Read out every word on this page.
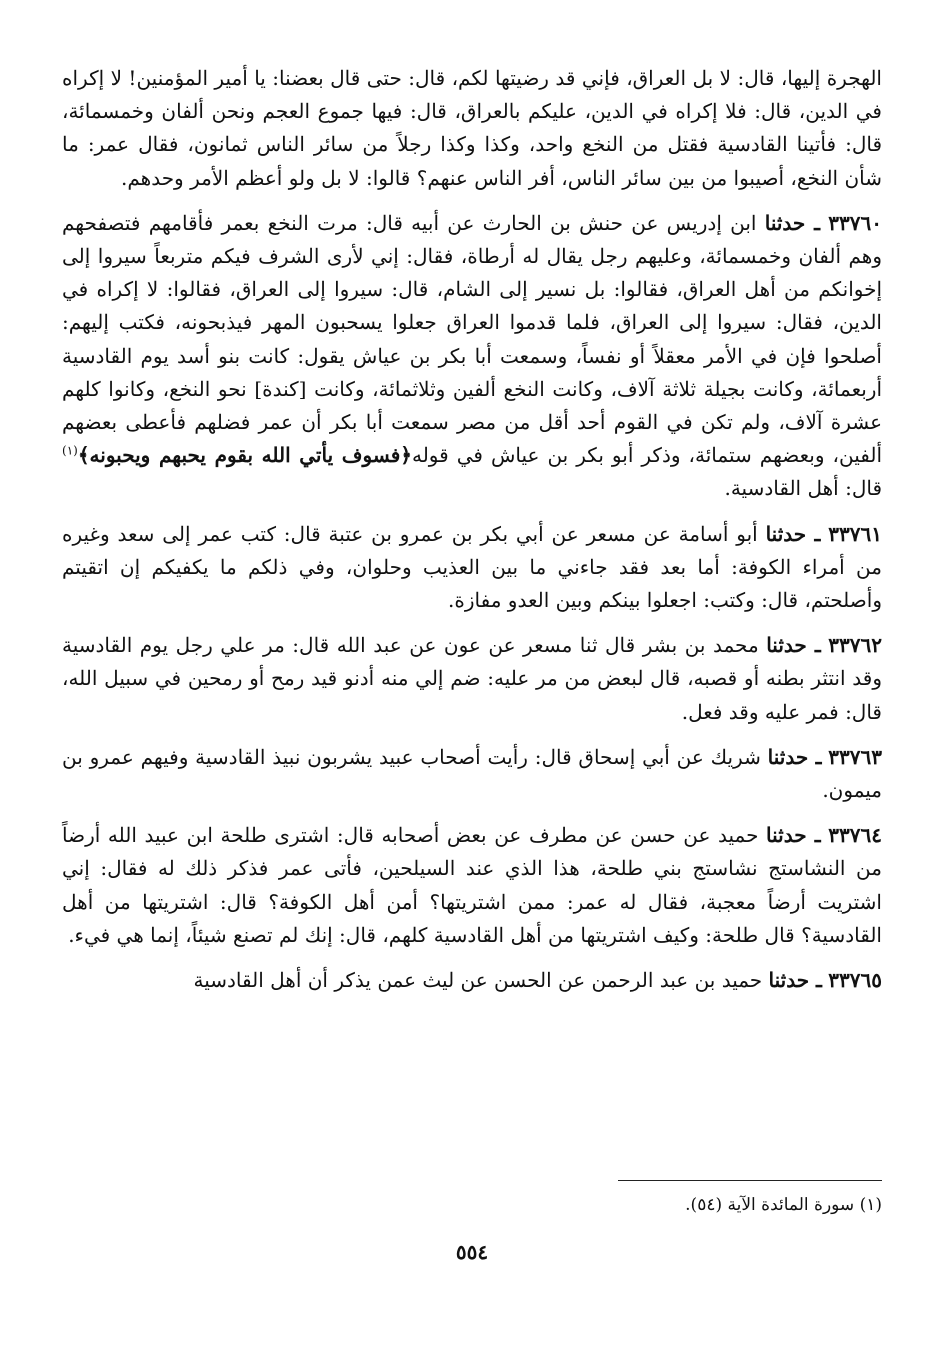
الهجرة إليها، قال: لا بل العراق، فإني قد رضيتها لكم، قال: حتى قال بعضنا: يا أمير المؤمنين! لا إكراه في الدين، قال: فلا إكراه في الدين، عليكم بالعراق، قال: فيها جموع العجم ونحن ألفان وخمسمائة، قال: فأتينا القادسية فقتل من النخع واحد، وكذا وكذا رجلاً من سائر الناس ثمانون، فقال عمر: ما شأن النخع، أصيبوا من بين سائر الناس، أفر الناس عنهم؟ قالوا: لا بل ولو أعظم الأمر وحدهم.

٣٣٧٦٠ ـ حدثنا ابن إدريس عن حنش بن الحارث عن أبيه قال: مرت النخع بعمر فأقامهم فتصفحهم وهم ألفان وخمسمائة، وعليهم رجل يقال له أرطاة، فقال: إني لأرى الشرف فيكم متربعاً سيروا إلى إخوانكم من أهل العراق، فقالوا: بل نسير إلى الشام، قال: سيروا إلى العراق، فقالوا: لا إكراه في الدين، فقال: سيروا إلى العراق، فلما قدموا العراق جعلوا يسحبون المهر فيذبحونه، فكتب إليهم: أصلحوا فإن في الأمر معقلاً أو نفساً، وسمعت أبا بكر بن عياش يقول: كانت بنو أسد يوم القادسية أربعمائة، وكانت بجيلة ثلاثة آلاف، وكانت النخع ألفين وثلاثمائة، وكانت [كندة] نحو النخع، وكانوا كلهم عشرة آلاف، ولم تكن في القوم أحد أقل من مصر سمعت أبا بكر أن عمر فضلهم فأعطى بعضهم ألفين، وبعضهم ستمائة، وذكر أبو بكر بن عياش في قوله﴿فسوف يأتي الله بقوم يحبهم ويحبونه﴾$^{(١)}$ قال: أهل القادسية.

٣٣٧٦١ ـ حدثنا أبو أسامة عن مسعر عن أبي بكر بن عمرو بن عتبة قال: كتب عمر إلى سعد وغيره من أمراء الكوفة: أما بعد فقد جاءني ما بين العذيب وحلوان، وفي ذلكم ما يكفيكم إن اتقيتم وأصلحتم، قال: وكتب: اجعلوا بينكم وبين العدو مفازة.

٣٣٧٦٢ ـ حدثنا محمد بن بشر قال ثنا مسعر عن عون عن عبد الله قال: مر علي رجل يوم القادسية وقد انتثر بطنه أو قصبه، قال لبعض من مر عليه: ضم إلي منه أدنو قيد رمح أو رمحين في سبيل الله، قال: فمر عليه وقد فعل.

٣٣٧٦٣ ـ حدثنا شريك عن أبي إسحاق قال: رأيت أصحاب عبيد يشربون نبيذ القادسية وفيهم عمرو بن ميمون.

٣٣٧٦٤ ـ حدثنا حميد عن حسن عن مطرف عن بعض أصحابه قال: اشترى طلحة ابن عبيد الله أرضاً من النشاستج نشاستج بني طلحة، هذا الذي عند السيلحين، فأتى عمر فذكر ذلك له فقال: إني اشتريت أرضاً معجبة، فقال له عمر: ممن اشتريتها؟ أمن أهل الكوفة؟ قال: اشتريتها من أهل القادسية؟ قال طلحة: وكيف اشتريتها من أهل القادسية كلهم، قال: إنك لم تصنع شيئاً، إنما هي فيء.

٣٣٧٦٥ ـ حدثنا حميد بن عبد الرحمن عن الحسن عن ليث عمن يذكر أن أهل القادسية

(١) سورة المائدة الآية (٥٤).
٥٥٤
